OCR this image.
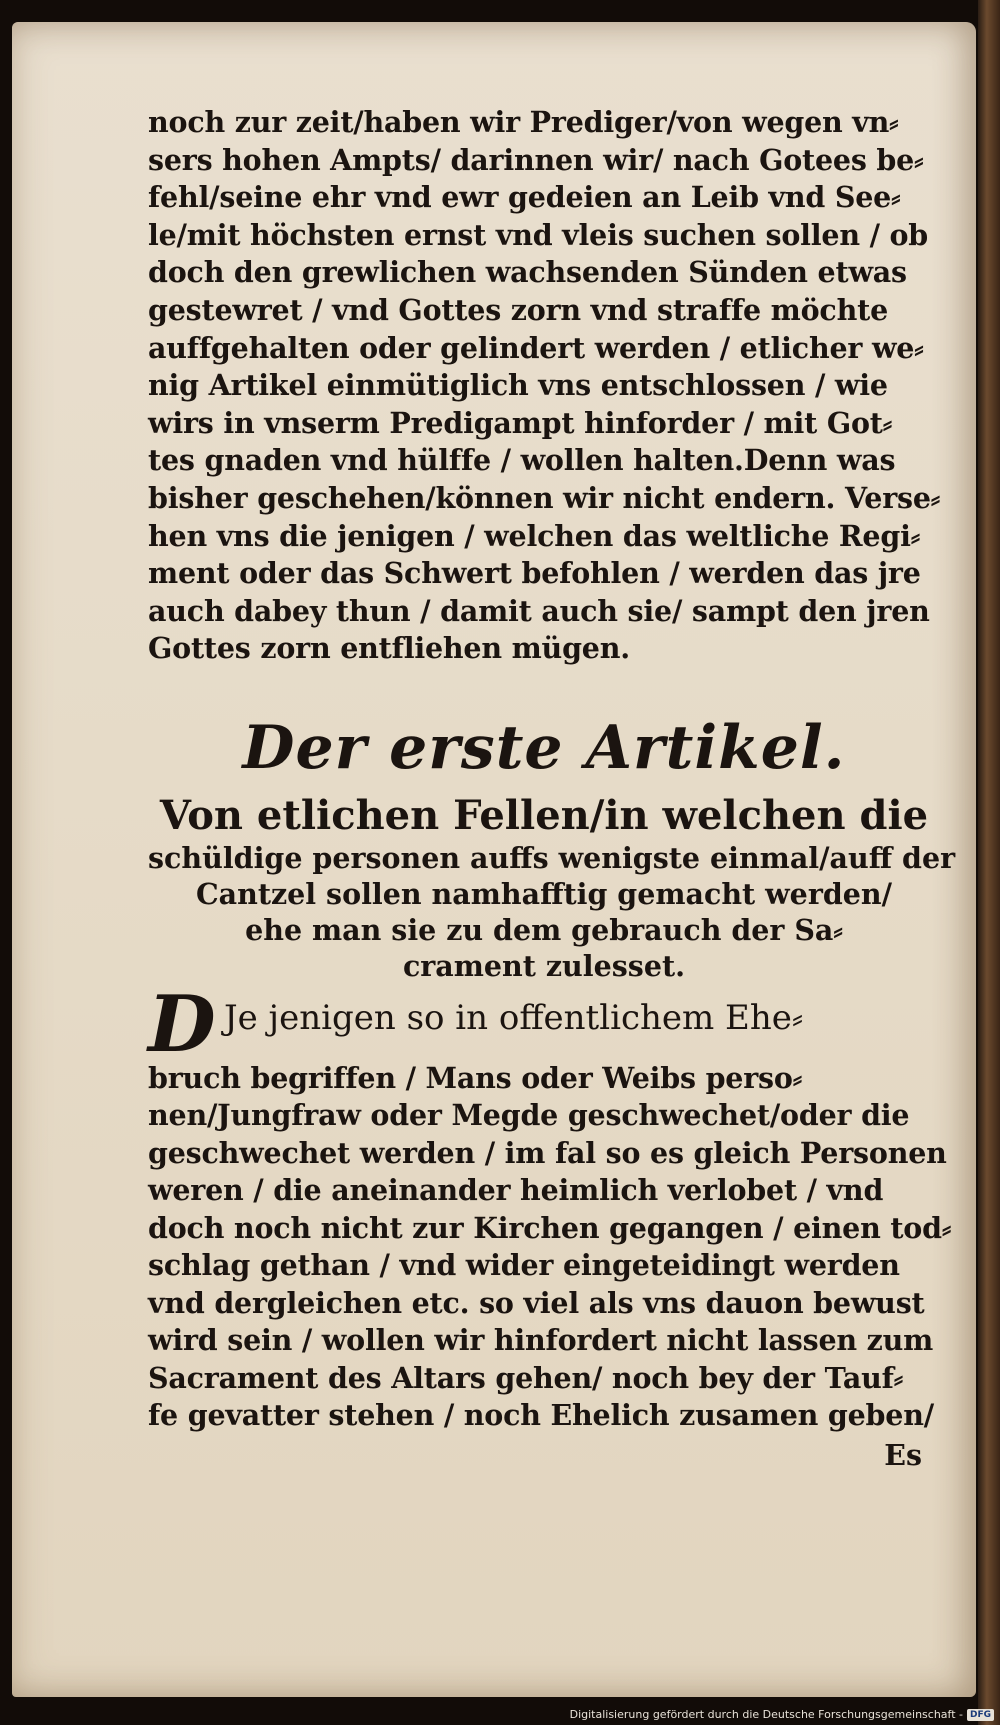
noch zur zeit/haben wir Prediger/von wegen vn⸗
sers hohen Ampts/ darinnen wir/ nach Gotees be⸗
fehl/seine ehr vnd ewr gedeien an Leib vnd See⸗
le/mit höchsten ernst vnd vleis suchen sollen / ob
doch den grewlichen wachsenden Sünden etwas
gestewret / vnd Gottes zorn vnd straffe möchte
auffgehalten oder gelindert werden / etlicher we⸗
nig Artikel einmütiglich vns entschlossen / wie
wirs in vnserm Predigampt hinforder / mit Got⸗
tes gnaden vnd hülffe / wollen halten.Denn was
bisher geschehen/können wir nicht endern. Verse⸗
hen vns die jenigen / welchen das weltliche Regi⸗
ment oder das Schwert befohlen / werden das jre
auch dabey thun / damit auch sie/ sampt den jren
Gottes zorn entfliehen mügen.
Der erste Artikel.
Von etlichen Fellen/in welchen die
schüldige personen auffs wenigste einmal/auff der
Cantzel sollen namhafftig gemacht werden/
ehe man sie zu dem gebrauch der Sa⸗
crament zulesset.
D Je jenigen so in offentlichem Ehe⸗
bruch begriffen / Mans oder Weibs perso⸗
nen/Jungfraw oder Megde geschwechet/oder die
geschwechet werden / im fal so es gleich Personen
weren / die aneinander heimlich verlobet / vnd
doch noch nicht zur Kirchen gegangen / einen tod⸗
schlag gethan / vnd wider eingeteidingt werden
vnd dergleichen etc. so viel als vns dauon bewust
wird sein / wollen wir hinfordert nicht lassen zum
Sacrament des Altars gehen/ noch bey der Tauf⸗
fe gevatter stehen / noch Ehelich zusamen geben/
Es
Digitalisierung gefördert durch die Deutsche Forschungsgemeinschaft - DFG
